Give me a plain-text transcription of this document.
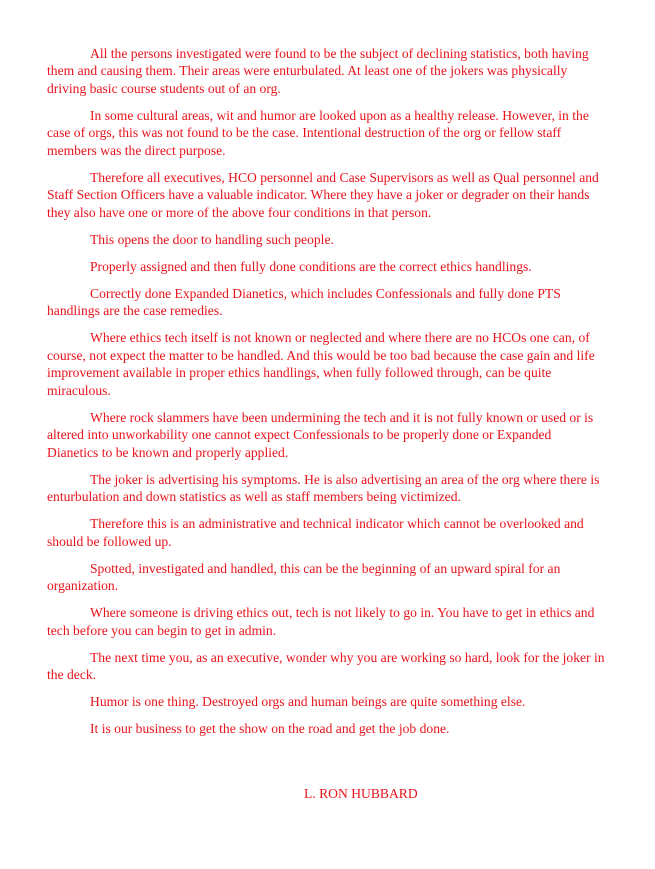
All the persons investigated were found to be the subject of declining statistics, both having them and causing them. Their areas were enturbulated. At least one of the jokers was physically driving basic course students out of an org.

In some cultural areas, wit and humor are looked upon as a healthy release. However, in the case of orgs, this was not found to be the case. Intentional destruction of the org or fellow staff members was the direct purpose.

Therefore all executives, HCO personnel and Case Supervisors as well as Qual personnel and Staff Section Officers have a valuable indicator. Where they have a joker or degrader on their hands they also have one or more of the above four conditions in that person.

This opens the door to handling such people.

Properly assigned and then fully done conditions are the correct ethics handlings.

Correctly done Expanded Dianetics, which includes Confessionals and fully done PTS handlings are the case remedies.

Where ethics tech itself is not known or neglected and where there are no HCOs one can, of course, not expect the matter to be handled. And this would be too bad because the case gain and life improvement available in proper ethics handlings, when fully followed through, can be quite miraculous.

Where rock slammers have been undermining the tech and it is not fully known or used or is altered into unworkability one cannot expect Confessionals to be properly done or Expanded Dianetics to be known and properly applied.

The joker is advertising his symptoms. He is also advertising an area of the org where there is enturbulation and down statistics as well as staff members being victimized.

Therefore this is an administrative and technical indicator which cannot be overlooked and should be followed up.

Spotted, investigated and handled, this can be the beginning of an upward spiral for an organization.

Where someone is driving ethics out, tech is not likely to go in. You have to get in ethics and tech before you can begin to get in admin.

The next time you, as an executive, wonder why you are working so hard, look for the joker in the deck.

Humor is one thing. Destroyed orgs and human beings are quite something else.

It is our business to get the show on the road and get the job done.

L. RON HUBBARD
